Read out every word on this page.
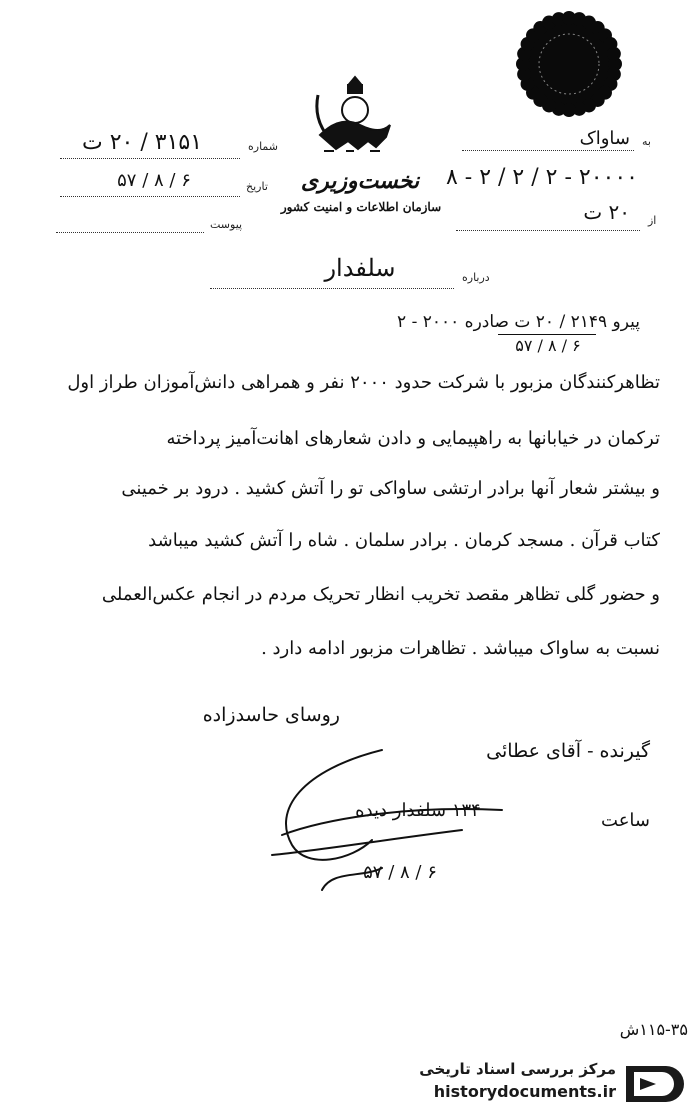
نخست‌وزیری
سازمان اطلاعات و امنیت کشور
به
ساواک
۲۰۰۰۰ - ۲ / ۲ / ۲ - ۸
از
۲۰ ت
شماره
۳۱۵۱ / ۲۰ ت
تاریخ
۶ / ۸ / ۵۷
پیوست
درباره
سلفدار
پیرو ۲۱۴۹ / ۲۰ ت صادره ۲۰۰۰ - ۲
۶ / ۸ / ۵۷
تظاهرکنندگان مزبور با شرکت حدود ۲۰۰۰ نفر و همراهی دانش‌آموزان طراز اول
ترکمان در خیابانها به راهپیمایی و دادن شعارهای اهانت‌آمیز پرداخته
و بیشتر شعار آنها برادر ارتشی ساواکی تو را آتش کشید . درود بر خمینی
کتاب قرآن . مسجد کرمان . برادر سلمان . شاه را آتش کشید میباشد
و حضور گلی تظاهر مقصد تخریب انظار تحریک مردم در انجام عکس‌العملی
نسبت به ساواک میباشد . تظاهرات مزبور ادامه دارد .
روسای حاسدزاده
گیرنده - آقای عطائی
۱۳۴ سلفدار دیده	ساعت
۶ / ۸ / ۵۷
۱۱۵-۳۵ش
مرکز بررسی اسناد تاریخی
historydocuments.ir
